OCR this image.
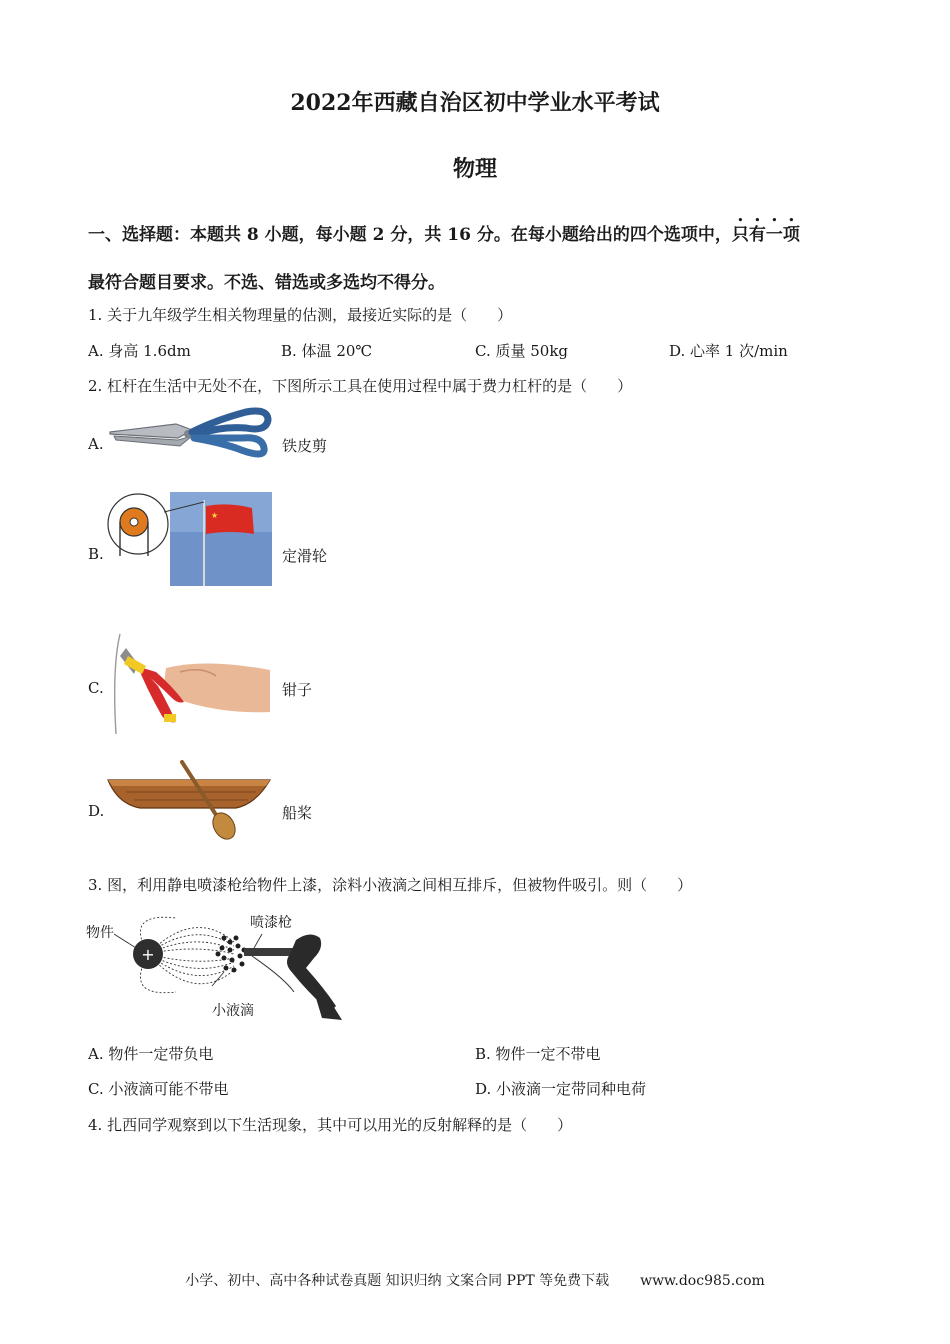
2022年西藏自治区初中学业水平考试
物理
一、选择题：本题共 8 小题，每小题 2 分，共 16 分。在每小题给出的四个选项中，只有一项
最符合题目要求。不选、错选或多选均不得分。
1. 关于九年级学生相关物理量的估测，最接近实际的是（　　）
A. 身高 1.6dm	B. 体温 20℃	C. 质量 50kg	D. 心率 1 次/min
2. 杠杆在生活中无处不在，下图所示工具在使用过程中属于费力杠杆的是（　　）
A.	铁皮剪
B.
★
定滑轮
C.	钳子
D.	船桨
3. 图，利用静电喷漆枪给物件上漆，涂料小液滴之间相互排斥，但被物件吸引。则（　　）
+
物件
喷漆枪
小液滴
A. 物件一定带负电	B. 物件一定不带电
C. 小液滴可能不带电	D. 小液滴一定带同种电荷
4. 扎西同学观察到以下生活现象，其中可以用光的反射解释的是（　　）
小学、初中、高中各种试卷真题 知识归纳 文案合同 PPT 等免费下载 www.doc985.com
